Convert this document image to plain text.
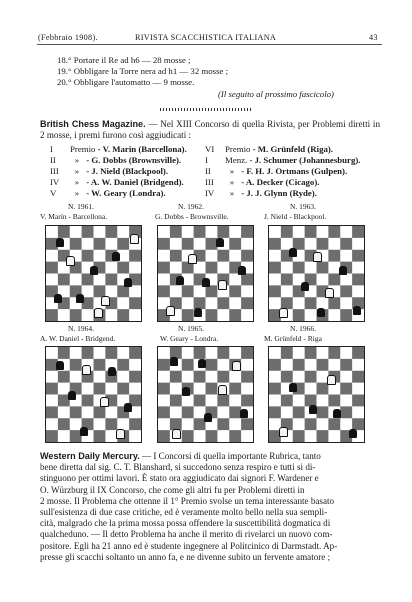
(Febbraio 1908).	RIVISTA SCACCHISTICA ITALIANA	43
18.° Portare il Re ad h6 — 28 mosse ;
19.° Obbligare la Torre nera ad h1 — 32 mosse ;
20.° Obbligare l'automatto — 9 mosse.
(Il seguito al prossimo fascicolo)
British Chess Magazine. — Nel XIII Concorso di quella Rivista, per Problemi diretti in 2 mosse, i premi furono così aggiudicati :
I Premio - V. Marin (Barcellona).
II » - G. Dobbs (Brownsville).
III » - J. Nield (Blackpool).
IV » - A. W. Daniel (Bridgend).
V » - W. Geary (Londra).
VI Premio - M. Grünfeld (Riga).
I Menz. - J. Schumer (Johannesburg).
II » - F. H. J. Ortmans (Gulpen).
III » - A. Decker (Cicago).
IV » - J. J. Glynn (Ryde).
N. 1961.	N. 1962.	N. 1963.
V. Marín - Barcellona.	G. Dobbs - Brownsville.	J. Nield - Blackpool.
N. 1964.	N. 1965.	N. 1966.
A. W. Daniel - Bridgend.	W. Geary - Londra.	M. Grünfeld - Riga
Western Daily Mercury. — I Concorsi di quella importante Rubrica, tanto
bene diretta dal sig. C. T. Blanshard, si succedono senza respiro e tutti si di-
stinguono per ottimi lavori. È stato ora aggiudicato dai signori F. Wardener e
O. Würzburg il IX Concorso, che come gli altri fu per Problemi diretti in
2 mosse. Il Problema che ottenne il 1° Premio svolse un tema interessante basato
sull'esistenza di due case critiche, ed è veramente molto bello nella sua sempli-
cità, malgrado che la prima mossa possa offendere la suscettibilità dogmatica di
qualcheduno. — Il detto Problema ha anche il merito di rivelarci un nuovo com-
positore. Egli ha 21 anno ed è studente ingegnere al Politcinico di Darmstadt. Ap-
presse gli scacchi soltanto un anno fa, e ne divenne subito un fervente amatore ;
